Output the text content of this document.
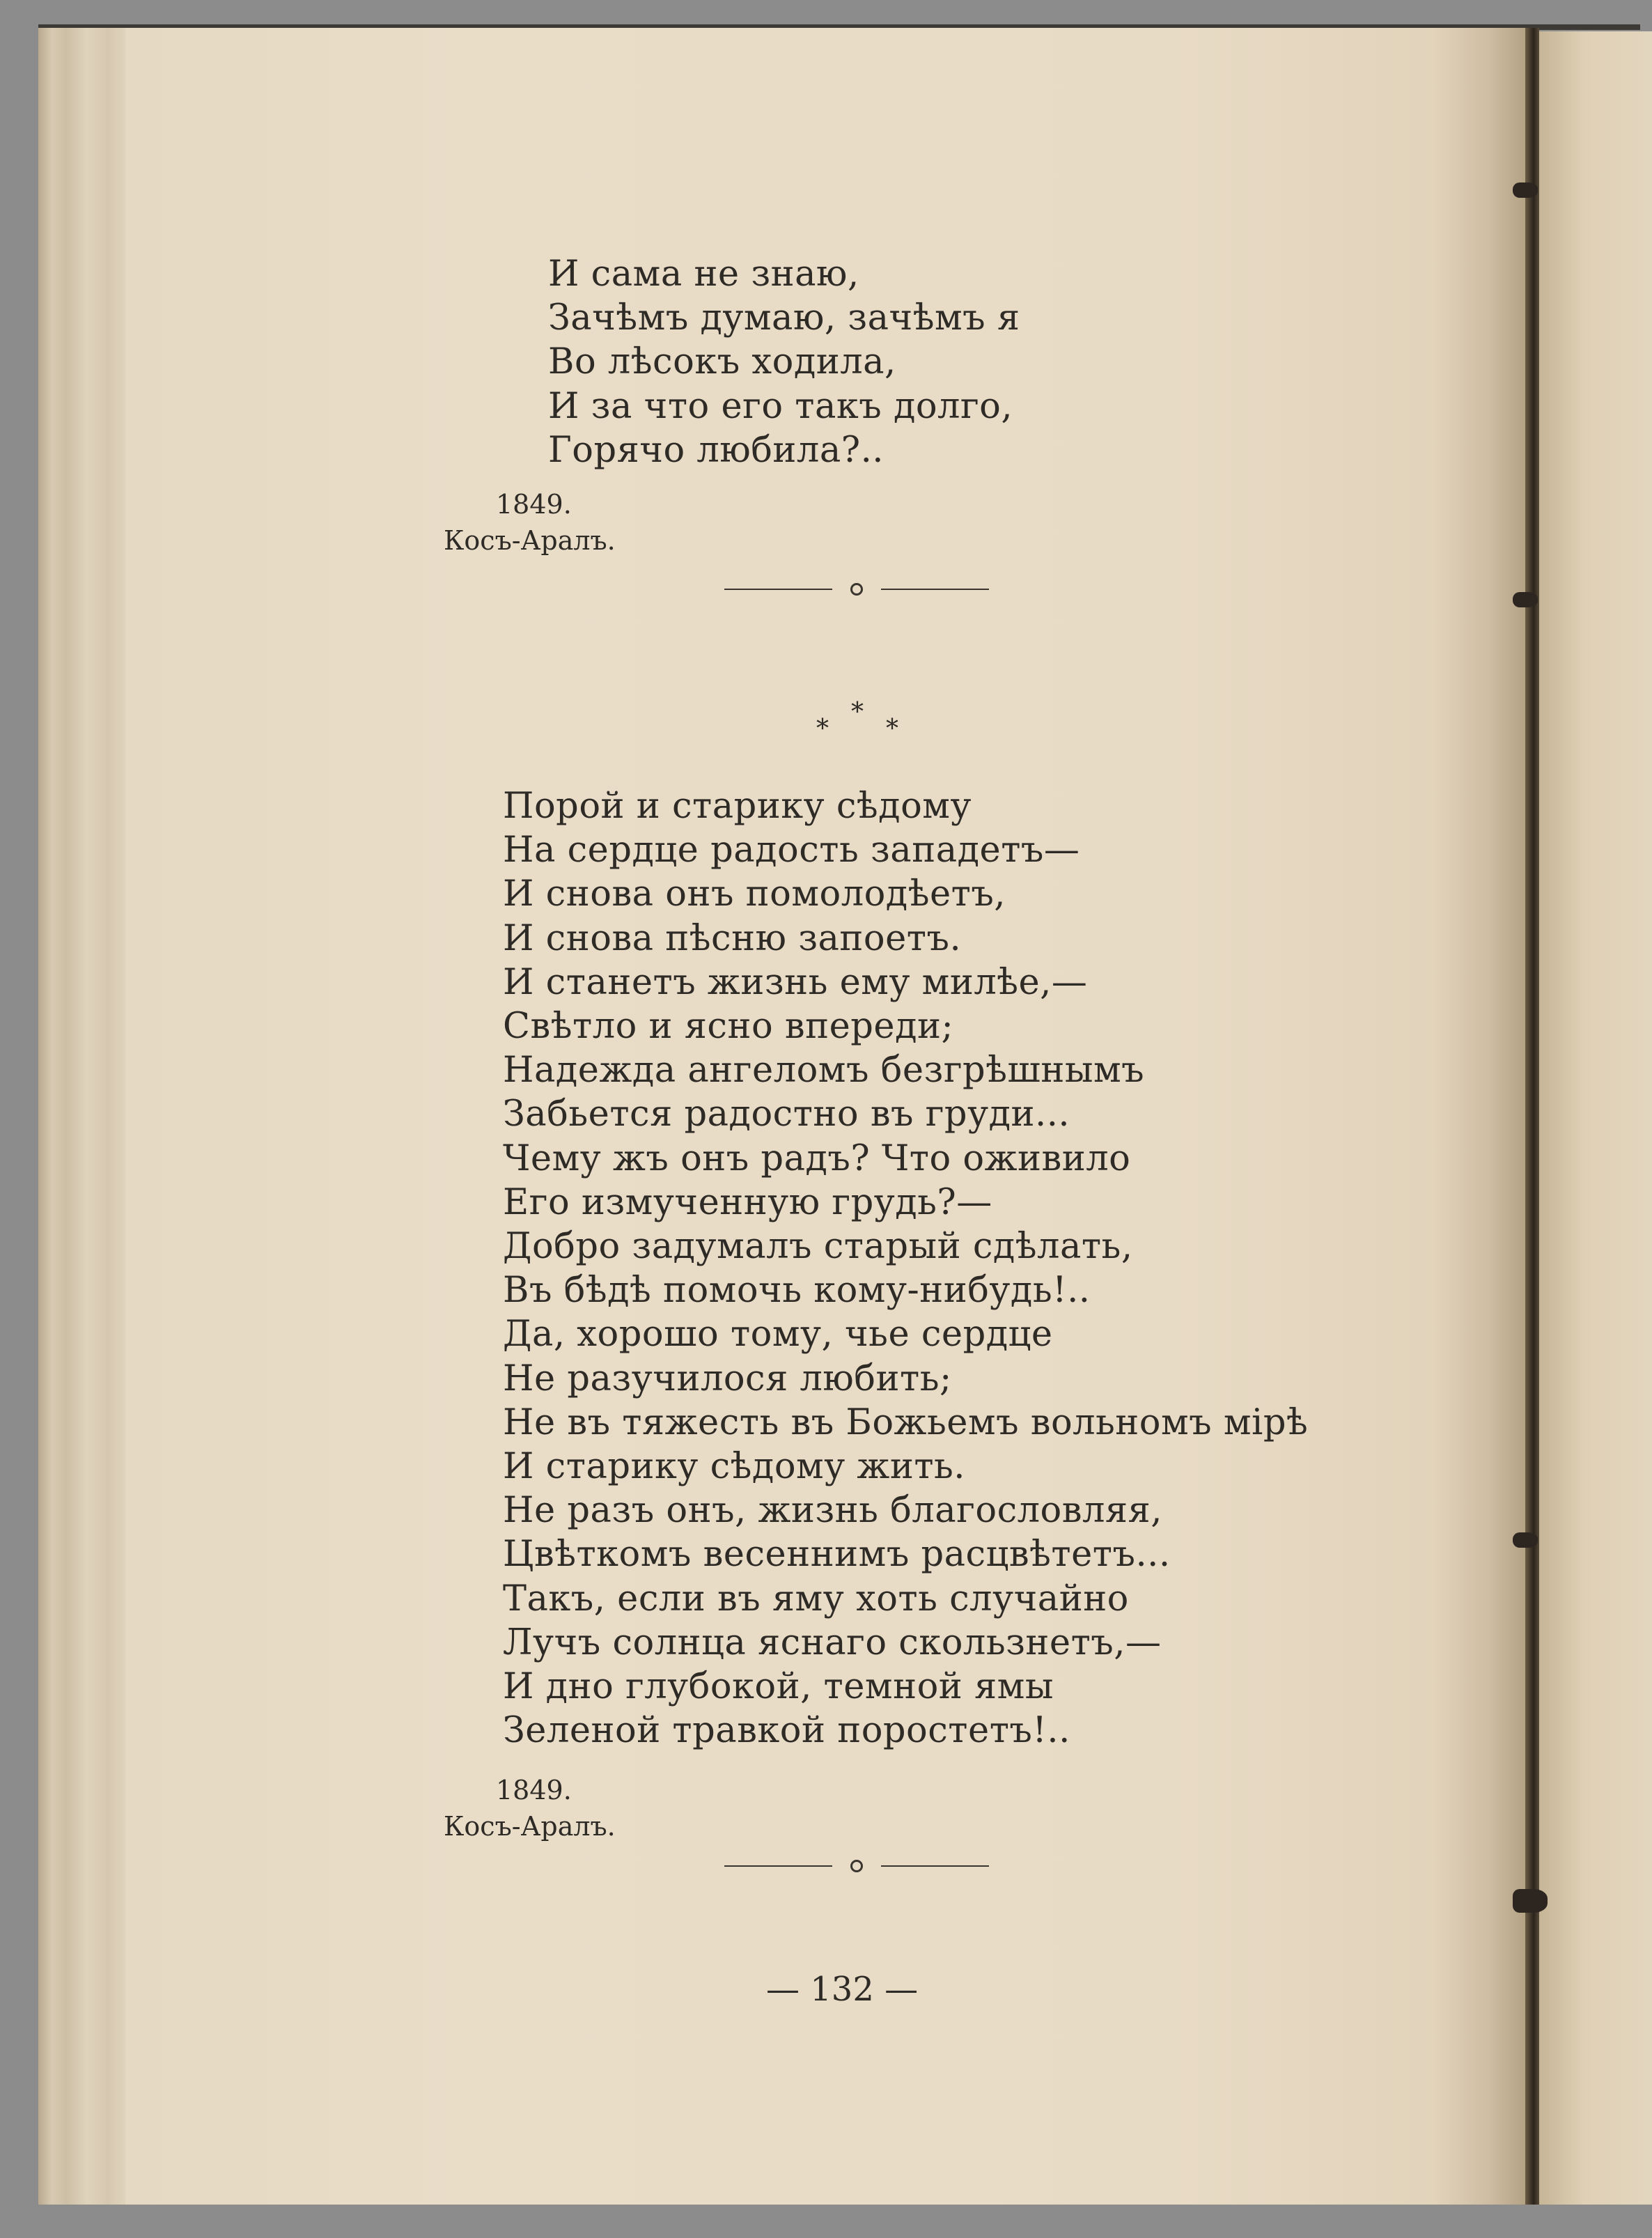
И сама не знаю,
Зачѣмъ думаю, зачѣмъ я
Во лѣсокъ ходила,
И за что его такъ долго,
Горячо любила?..
1849.
Косъ-Аралъ.
*
*
*
Порой и старику сѣдому
На сердце радость западетъ—
И снова онъ помолодѣетъ,
И снова пѣсню запоетъ.
И станетъ жизнь ему милѣе,—
Свѣтло и ясно впереди;
Надежда ангеломъ безгрѣшнымъ
Забьется радостно въ груди...
Чему жъ онъ радъ? Что оживило
Его измученную грудь?—
Добро задумалъ старый сдѣлать,
Въ бѣдѣ помочь кому-нибудь!..
Да, хорошо тому, чье сердце
Не разучилося любить;
Не въ тяжесть въ Божьемъ вольномъ мірѣ
И старику сѣдому жить.
Не разъ онъ, жизнь благословляя,
Цвѣткомъ весеннимъ расцвѣтетъ...
Такъ, если въ яму хоть случайно
Лучъ солнца яснаго скользнетъ,—
И дно глубокой, темной ямы
Зеленой травкой поростетъ!..
1849.
Косъ-Аралъ.
— 132 —
